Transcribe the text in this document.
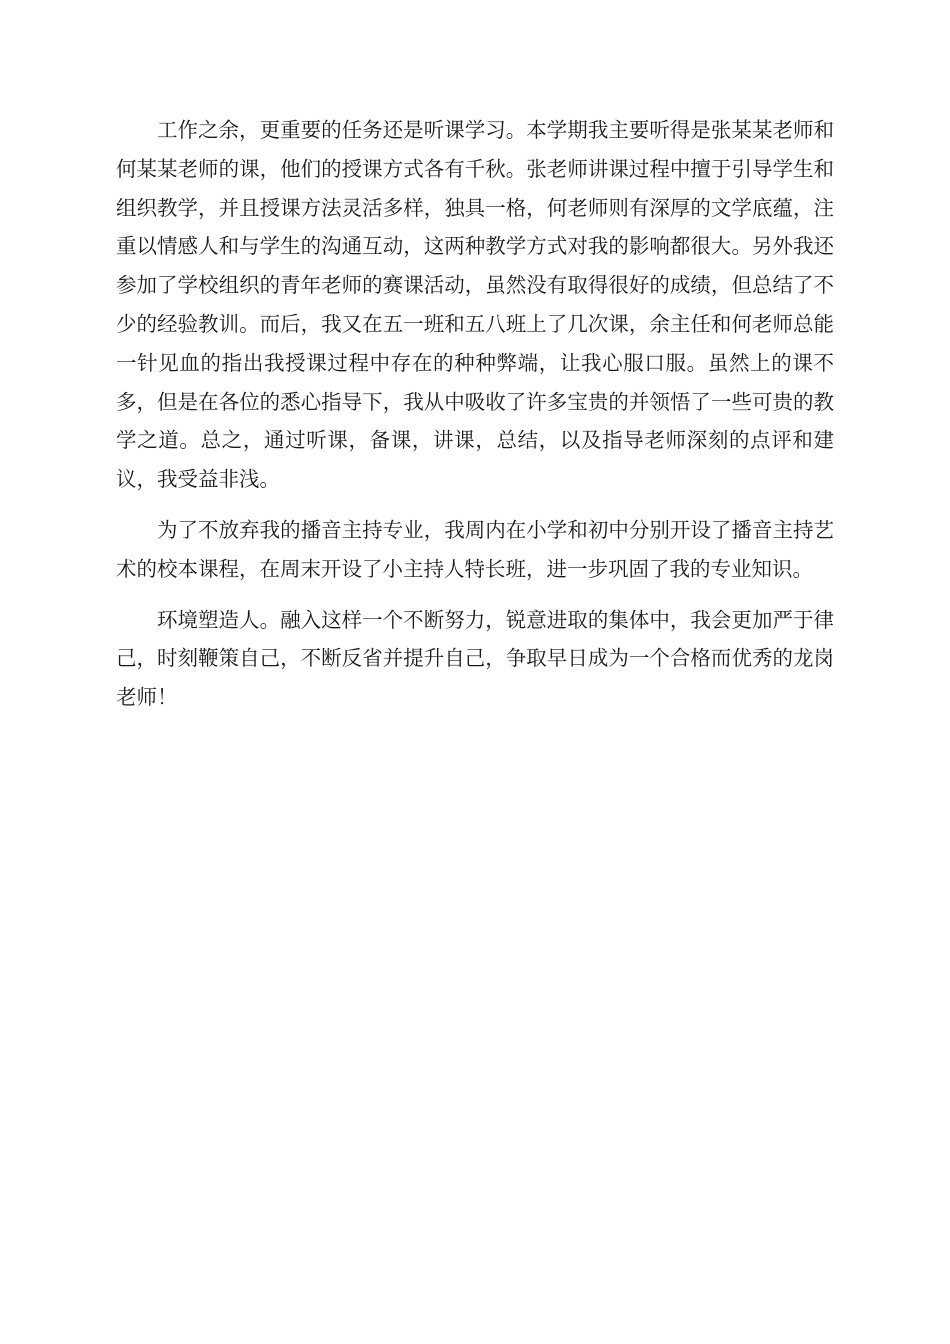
工作之余，更重要的任务还是听课学习。本学期我主要听得是张某某老师和何某某老师的课，他们的授课方式各有千秋。张老师讲课过程中擅于引导学生和组织教学，并且授课方法灵活多样，独具一格，何老师则有深厚的文学底蕴，注重以情感人和与学生的沟通互动，这两种教学方式对我的影响都很大。另外我还参加了学校组织的青年老师的赛课活动，虽然没有取得很好的成绩，但总结了不少的经验教训。而后，我又在五一班和五八班上了几次课，余主任和何老师总能一针见血的指出我授课过程中存在的种种弊端，让我心服口服。虽然上的课不多，但是在各位的悉心指导下，我从中吸收了许多宝贵的并领悟了一些可贵的教学之道。总之，通过听课，备课，讲课，总结，以及指导老师深刻的点评和建议，我受益非浅。

为了不放弃我的播音主持专业，我周内在小学和初中分别开设了播音主持艺术的校本课程，在周末开设了小主持人特长班，进一步巩固了我的专业知识。

环境塑造人。融入这样一个不断努力，锐意进取的集体中，我会更加严于律己，时刻鞭策自己，不断反省并提升自己，争取早日成为一个合格而优秀的龙岗老师！
